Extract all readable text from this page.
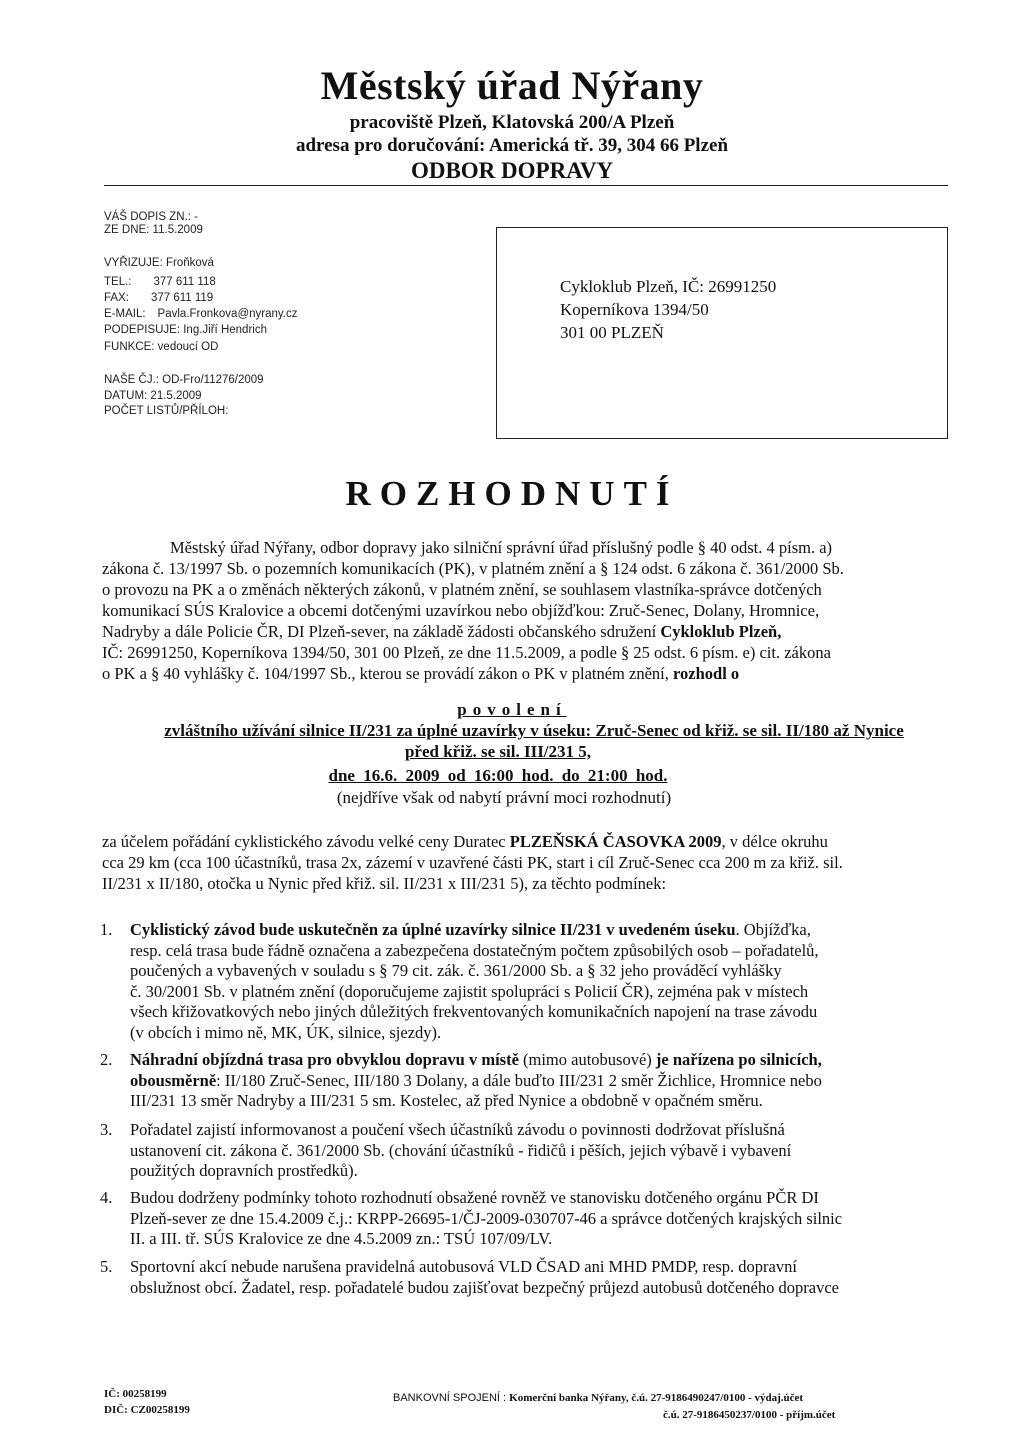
Městský úřad Nýřany
pracoviště Plzeň, Klatovská 200/A Plzeň
adresa pro doručování: Americká tř. 39, 304 66 Plzeň
ODBOR DOPRAVY
VÁŠ DOPIS ZN.: -
ZE DNE: 11.5.2009
VYŘIZUJE: Froňková
TEL.: 377 611 118
FAX: 377 611 119
E-MAIL: Pavla.Fronkova@nyrany.cz
PODEPISUJE: Ing.Jiří Hendrich
FUNKCE: vedoucí OD
NAŠE ČJ.: OD-Fro/11276/2009
DATUM: 21.5.2009
POČET LISTŮ/PŘÍLOH:
Cykloklub Plzeň, IČ: 26991250
Koperníkova 1394/50
301 00 PLZEŇ
ROZHODNUTÍ
Městský úřad Nýřany, odbor dopravy jako silniční správní úřad příslušný podle § 40 odst. 4 písm. a)
zákona č. 13/1997 Sb. o pozemních komunikacích (PK), v platném znění a § 124 odst. 6 zákona č. 361/2000 Sb.
o provozu na PK a o změnách některých zákonů, v platném znění, se souhlasem vlastníka-správce dotčených
komunikací SÚS Kralovice a obcemi dotčenými uzavírkou nebo objížďkou: Zruč-Senec, Dolany, Hromnice,
Nadryby a dále Policie ČR, DI Plzeň-sever, na základě žádosti občanského sdružení Cykloklub Plzeň,
IČ: 26991250, Koperníkova 1394/50, 301 00 Plzeň, ze dne 11.5.2009, a podle § 25 odst. 6 písm. e) cit. zákona
o PK a § 40 vyhlášky č. 104/1997 Sb., kterou se provádí zákon o PK v platném znění, rozhodl o
povolení
zvláštního užívání silnice II/231 za úplné uzavírky v úseku: Zruč-Senec od křiž. se sil. II/180 až Nynice
před křiž. se sil. III/231 5,
dne 16.6. 2009 od 16:00 hod. do 21:00 hod.
(nejdříve však od nabytí právní moci rozhodnutí)
za účelem pořádání cyklistického závodu velké ceny Duratec PLZEŇSKÁ ČASOVKA 2009, v délce okruhu
cca 29 km (cca 100 účastníků, trasa 2x, zázemí v uzavřené části PK, start i cíl Zruč-Senec cca 200 m za křiž. sil.
II/231 x II/180, otočka u Nynic před křiž. sil. II/231 x III/231 5), za těchto podmínek:
1. Cyklistický závod bude uskutečněn za úplné uzavírky silnice II/231 v uvedeném úseku. Objížďka,
resp. celá trasa bude řádně označena a zabezpečena dostatečným počtem způsobilých osob – pořadatelů,
poučených a vybavených v souladu s § 79 cit. zák. č. 361/2000 Sb. a § 32 jeho prováděcí vyhlášky
č. 30/2001 Sb. v platném znění (doporučujeme zajistit spolupráci s Policií ČR), zejména pak v místech
všech křižovatkových nebo jiných důležitých frekventovaných komunikačních napojení na trase závodu
(v obcích i mimo ně, MK, ÚK, silnice, sjezdy).
2. Náhradní objízdná trasa pro obvyklou dopravu v místě (mimo autobusové) je nařízena po silnicích,
obousměrně: II/180 Zruč-Senec, III/180 3 Dolany, a dále buďto III/231 2 směr Žichlice, Hromnice nebo
III/231 13 směr Nadryby a III/231 5 sm. Kostelec, až před Nynice a obdobně v opačném směru.
3. Pořadatel zajistí informovanost a poučení všech účastníků závodu o povinnosti dodržovat příslušná
ustanovení cit. zákona č. 361/2000 Sb. (chování účastníků - řidičů i pěších, jejich výbavě i vybavení
použitých dopravních prostředků).
4. Budou dodrženy podmínky tohoto rozhodnutí obsažené rovněž ve stanovisku dotčeného orgánu PČR DI
Plzeň-sever ze dne 15.4.2009 č.j.: KRPP-26695-1/ČJ-2009-030707-46 a správce dotčených krajských silnic
II. a III. tř. SÚS Kralovice ze dne 4.5.2009 zn.: TSÚ 107/09/LV.
5. Sportovní akcí nebude narušena pravidelná autobusová VLD ČSAD ani MHD PMDP, resp. dopravní
obslužnost obcí. Žadatel, resp. pořadatelé budou zajišťovat bezpečný průjezd autobusů dotčeného dopravce
IČ: 00258199
DIČ: CZ00258199
BANKOVNÍ SPOJENÍ : Komerční banka Nýřany, č.ú. 27-9186490247/0100 - výdaj.účet
č.ú. 27-9186450237/0100 - příjm.účet
